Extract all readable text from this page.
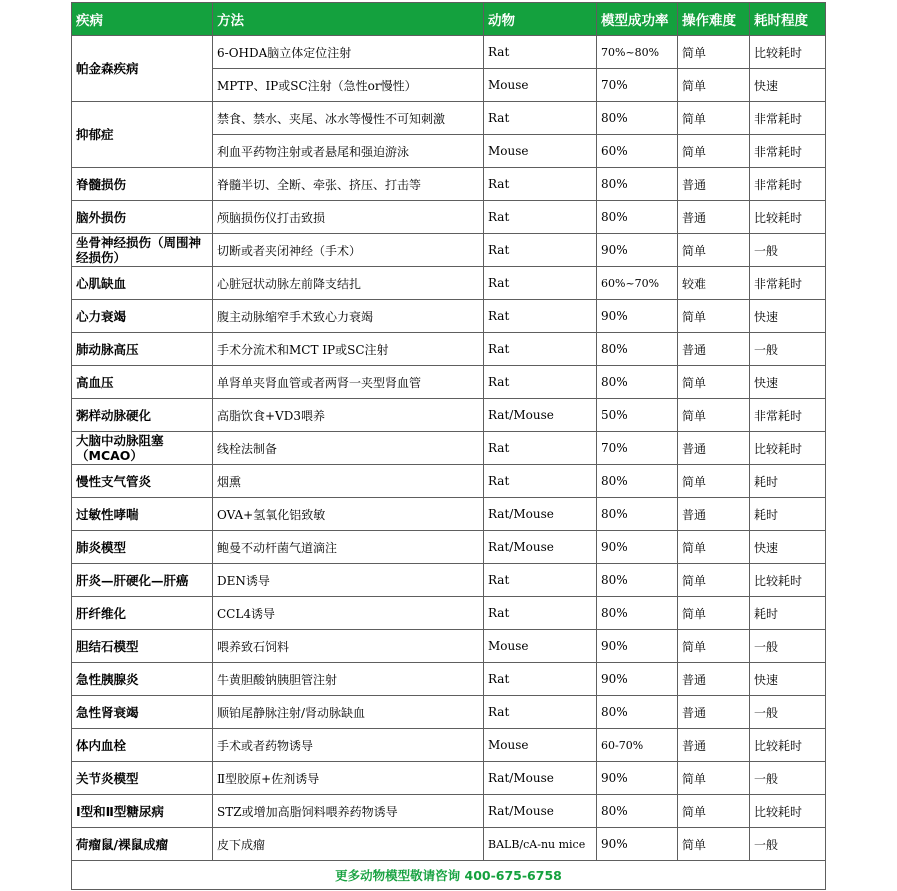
疾病	方法	动物	模型成功率	操作难度	耗时程度
帕金森疾病	6-OHDA脑立体定位注射	Rat	70%~80%	简单	比较耗时
	MPTP、IP或SC注射（急性or慢性）	Mouse	70%	简单	快速
抑郁症	禁食、禁水、夹尾、冰水等慢性不可知刺激	Rat	80%	简单	非常耗时
	利血平药物注射或者悬尾和强迫游泳	Mouse	60%	简单	非常耗时
脊髓损伤	脊髓半切、全断、牵张、挤压、打击等	Rat	80%	普通	非常耗时
脑外损伤	颅脑损伤仪打击致损	Rat	80%	普通	比较耗时
坐骨神经损伤（周围神经损伤）	切断或者夹闭神经（手术）	Rat	90%	简单	一般
心肌缺血	心脏冠状动脉左前降支结扎	Rat	60%~70%	较难	非常耗时
心力衰竭	腹主动脉缩窄手术致心力衰竭	Rat	90%	简单	快速
肺动脉高压	手术分流术和MCT IP或SC注射	Rat	80%	普通	一般
高血压	单肾单夹肾血管或者两肾一夹型肾血管	Rat	80%	简单	快速
粥样动脉硬化	高脂饮食+VD3喂养	Rat/Mouse	50%	简单	非常耗时
大脑中动脉阻塞（MCAO）	线栓法制备	Rat	70%	普通	比较耗时
慢性支气管炎	烟熏	Rat	80%	简单	耗时
过敏性哮喘	OVA+氢氧化铝致敏	Rat/Mouse	80%	普通	耗时
肺炎模型	鲍曼不动杆菌气道滴注	Rat/Mouse	90%	简单	快速
肝炎—肝硬化—肝癌	DEN诱导	Rat	80%	简单	比较耗时
肝纤维化	CCL4诱导	Rat	80%	简单	耗时
胆结石模型	喂养致石饲料	Mouse	90%	简单	一般
急性胰腺炎	牛黄胆酸钠胰胆管注射	Rat	90%	普通	快速
急性肾衰竭	顺铂尾静脉注射/肾动脉缺血	Rat	80%	普通	一般
体内血栓	手术或者药物诱导	Mouse	60-70%	普通	比较耗时
关节炎模型	Ⅱ型胶原+佐剂诱导	Rat/Mouse	90%	简单	一般
Ⅰ型和Ⅱ型糖尿病	STZ或增加高脂饲料喂养药物诱导	Rat/Mouse	80%	简单	比较耗时
荷瘤鼠/裸鼠成瘤	皮下成瘤	BALB/cA-nu mice	90%	简单	一般
更多动物模型敬请咨询 400-675-6758					
